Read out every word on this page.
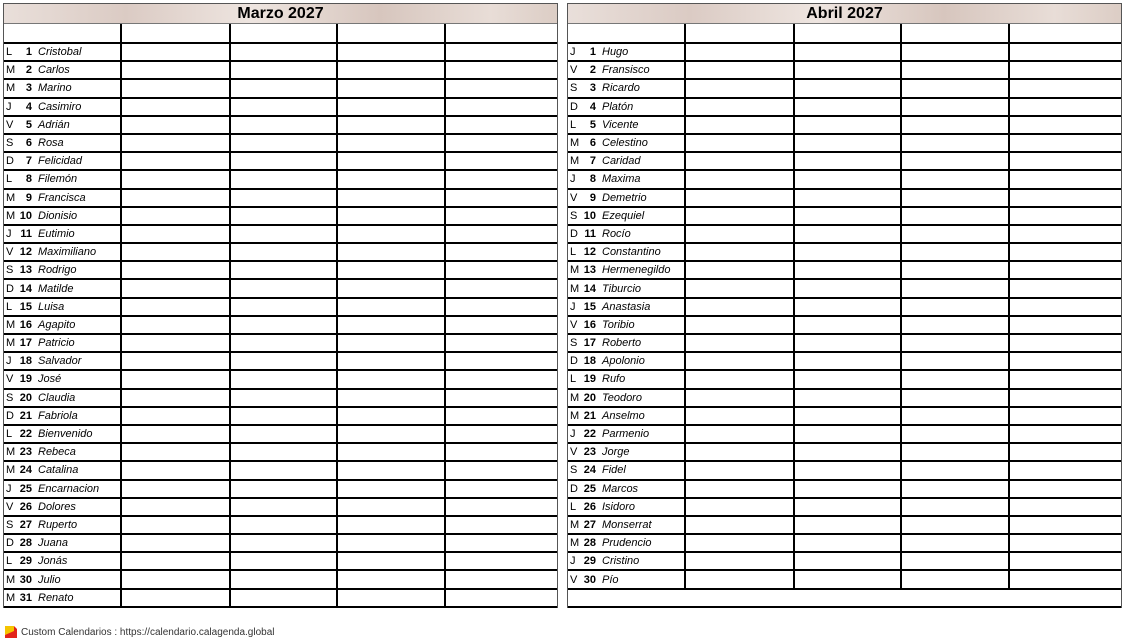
Marzo 2027
L	1 Cristobal
M 2 Carlos
M 3 Marino
J	4 Casimiro
V	5 Adrián
S	6 Rosa
D	7 Felicidad
L	8 Filemón
M 9 Francisca
M 10 Dionisio
J 11 Eutimio
V 12 Maximiliano
S 13 Rodrigo
D 14 Matilde
L 15 Luisa
M 16 Agapito
M 17 Patricio
J 18 Salvador
V 19 José
S 20 Claudia
D 21 Fabriola
L 22 Bienvenido
M 23 Rebeca
M 24 Catalina
J 25 Encarnacion
V 26 Dolores
S 27 Ruperto
D 28 Juana
L 29 Jonás
M 30 Julio
M 31 Renato
Abril 2027
J	1 Hugo
V	2 Fransisco
S	3 Ricardo
D	4 Platón
L	5 Vicente
M 6 Celestino
M 7 Caridad
J	8 Maxima
V	9 Demetrio
S 10 Ezequiel
D 11 Rocío
L 12 Constantino
M 13 Hermenegildo
M 14 Tiburcio
J 15 Anastasia
V 16 Toribio
S 17 Roberto
D 18 Apolonio
L 19 Rufo
M 20 Teodoro
M 21 Anselmo
J 22 Parmenio
V 23 Jorge
S 24 Fidel
D 25 Marcos
L 26 Isidoro
M 27 Monserrat
M 28 Prudencio
J 29 Cristino
V 30 Pío
Custom Calendarios : https://calendario.calagenda.global
